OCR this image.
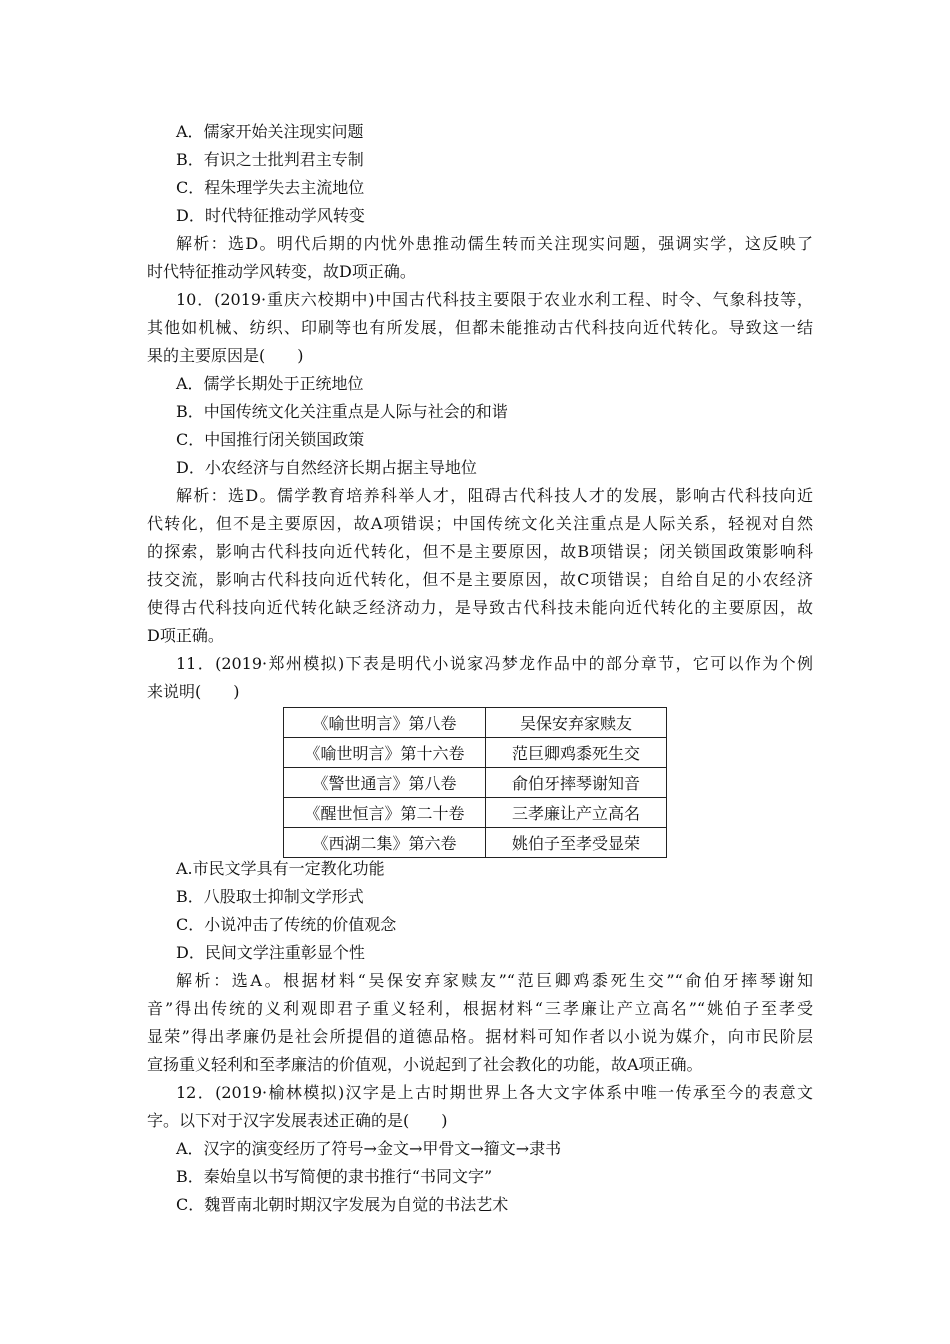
A．儒家开始关注现实问题

B．有识之士批判君主专制

C．程朱理学失去主流地位

D．时代特征推动学风转变

解析：选D。明代后期的内忧外患推动儒生转而关注现实问题，强调实学，这反映了

时代特征推动学风转变，故D项正确。

10．(2019·重庆六校期中)中国古代科技主要限于农业水利工程、时令、气象科技等，

其他如机械、纺织、印刷等也有所发展，但都未能推动古代科技向近代转化。导致这一结

果的主要原因是(　　)

A．儒学长期处于正统地位

B．中国传统文化关注重点是人际与社会的和谐

C．中国推行闭关锁国政策

D．小农经济与自然经济长期占据主导地位

解析：选D。儒学教育培养科举人才，阻碍古代科技人才的发展，影响古代科技向近

代转化，但不是主要原因，故A项错误；中国传统文化关注重点是人际关系，轻视对自然

的探索，影响古代科技向近代转化，但不是主要原因，故B项错误；闭关锁国政策影响科

技交流，影响古代科技向近代转化，但不是主要原因，故C项错误；自给自足的小农经济

使得古代科技向近代转化缺乏经济动力，是导致古代科技未能向近代转化的主要原因，故

D项正确。

11．(2019·郑州模拟)下表是明代小说家冯梦龙作品中的部分章节，它可以作为个例

来说明(　　)

《喻世明言》第八卷	吴保安弃家赎友
《喻世明言》第十六卷	范巨卿鸡黍死生交
《警世通言》第八卷	俞伯牙摔琴谢知音
《醒世恒言》第二十卷	三孝廉让产立高名
《西湖二集》第六卷	姚伯子至孝受显荣

A.市民文学具有一定教化功能

B．八股取士抑制文学形式

C．小说冲击了传统的价值观念

D．民间文学注重彰显个性

解析：选A。根据材料“吴保安弃家赎友”“范巨卿鸡黍死生交”“俞伯牙摔琴谢知

音”得出传统的义利观即君子重义轻利，根据材料“三孝廉让产立高名”“姚伯子至孝受

显荣”得出孝廉仍是社会所提倡的道德品格。据材料可知作者以小说为媒介，向市民阶层

宣扬重义轻利和至孝廉洁的价值观，小说起到了社会教化的功能，故A项正确。

12．(2019·榆林模拟)汉字是上古时期世界上各大文字体系中唯一传承至今的表意文

字。以下对于汉字发展表述正确的是(　　)

A．汉字的演变经历了符号→金文→甲骨文→籀文→隶书

B．秦始皇以书写简便的隶书推行“书同文字”

C．魏晋南北朝时期汉字发展为自觉的书法艺术
